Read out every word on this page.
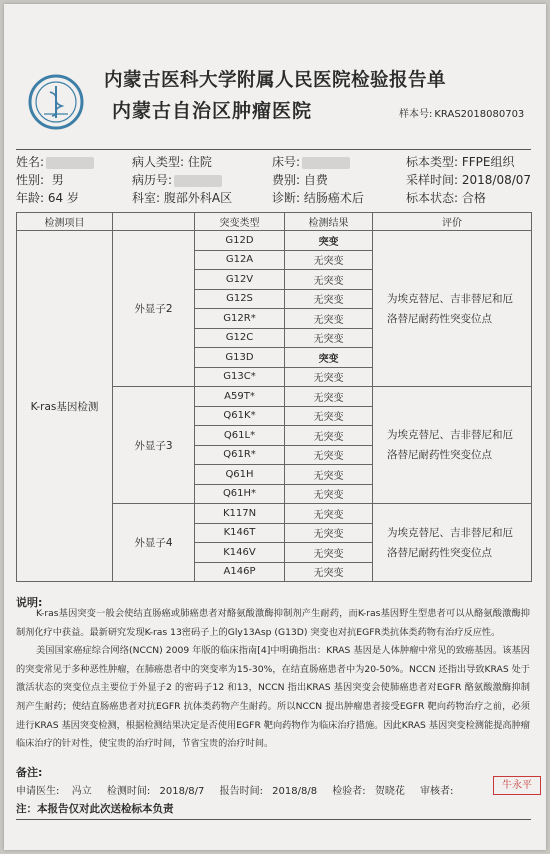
内蒙古医科大学附属人民医院检验报告单
内蒙古自治区肿瘤医院	样本号: KRAS2018080703
姓名:
性别: 男
年龄: 64 岁
病人类型: 住院
病历号:
科室: 腹部外科A区
床号:
费别: 自费
诊断: 结肠癌术后
标本类型: FFPE组织
采样时间: 2018/08/07
标本状态: 合格
检测项目		突变类型	检测结果	评价
K-ras基因检测	外显子2	G12D	突变	为埃克替尼、吉非替尼和厄洛替尼耐药性突变位点
		G12A	无突变	
		G12V	无突变	
		G12S	无突变	
		G12R*	无突变	
		G12C	无突变	
		G13D	突变	
		G13C*	无突变	
	外显子3	A59T*	无突变	为埃克替尼、吉非替尼和厄洛替尼耐药性突变位点
		Q61K*	无突变	
		Q61L*	无突变	
		Q61R*	无突变	
		Q61H	无突变	
		Q61H*	无突变	
	外显子4	K117N	无突变	为埃克替尼、吉非替尼和厄洛替尼耐药性突变位点
		K146T	无突变	
		K146V	无突变	
		A146P	无突变	
说明:

K-ras基因突变一般会使结直肠癌或肺癌患者对酪氨酸激酶抑制剂产生耐药，而K-ras基因野生型患者可以从酪氨酸激酶抑制剂化疗中获益。最新研究发现K-ras 13密码子上的Gly13Asp (G13D) 突变也对抗EGFR类抗体类药物有治疗反应性。

美国国家癌症综合网络(NCCN) 2009 年版的临床指南[4]中明确指出：KRAS 基因是人体肿瘤中常见的致癌基因。该基因的突变常见于多种恶性肿瘤，在肺癌患者中的突变率为15-30%，在结直肠癌患者中为20-50%。NCCN 还指出导致KRAS 处于激活状态的突变位点主要位于外显子2 的密码子12 和13，NCCN 指出KRAS 基因突变会使肺癌患者对EGFR 酪氨酸激酶抑制剂产生耐药；使结直肠癌患者对抗EGFR 抗体类药物产生耐药。所以NCCN 提出肿瘤患者接受EGFR 靶向药物治疗之前，必须进行KRAS 基因突变检测，根据检测结果决定是否使用EGFR 靶向药物作为临床治疗措施。因此KRAS 基因突变检测能提高肿瘤临床治疗的针对性，使宝贵的治疗时间，节省宝贵的治疗时间。

备注:
申请医生: 冯立 检测时间: 2018/8/7 报告时间: 2018/8/8 检验者: 贺晓花 审核者:
牛永平
注：本报告仅对此次送检标本负责
